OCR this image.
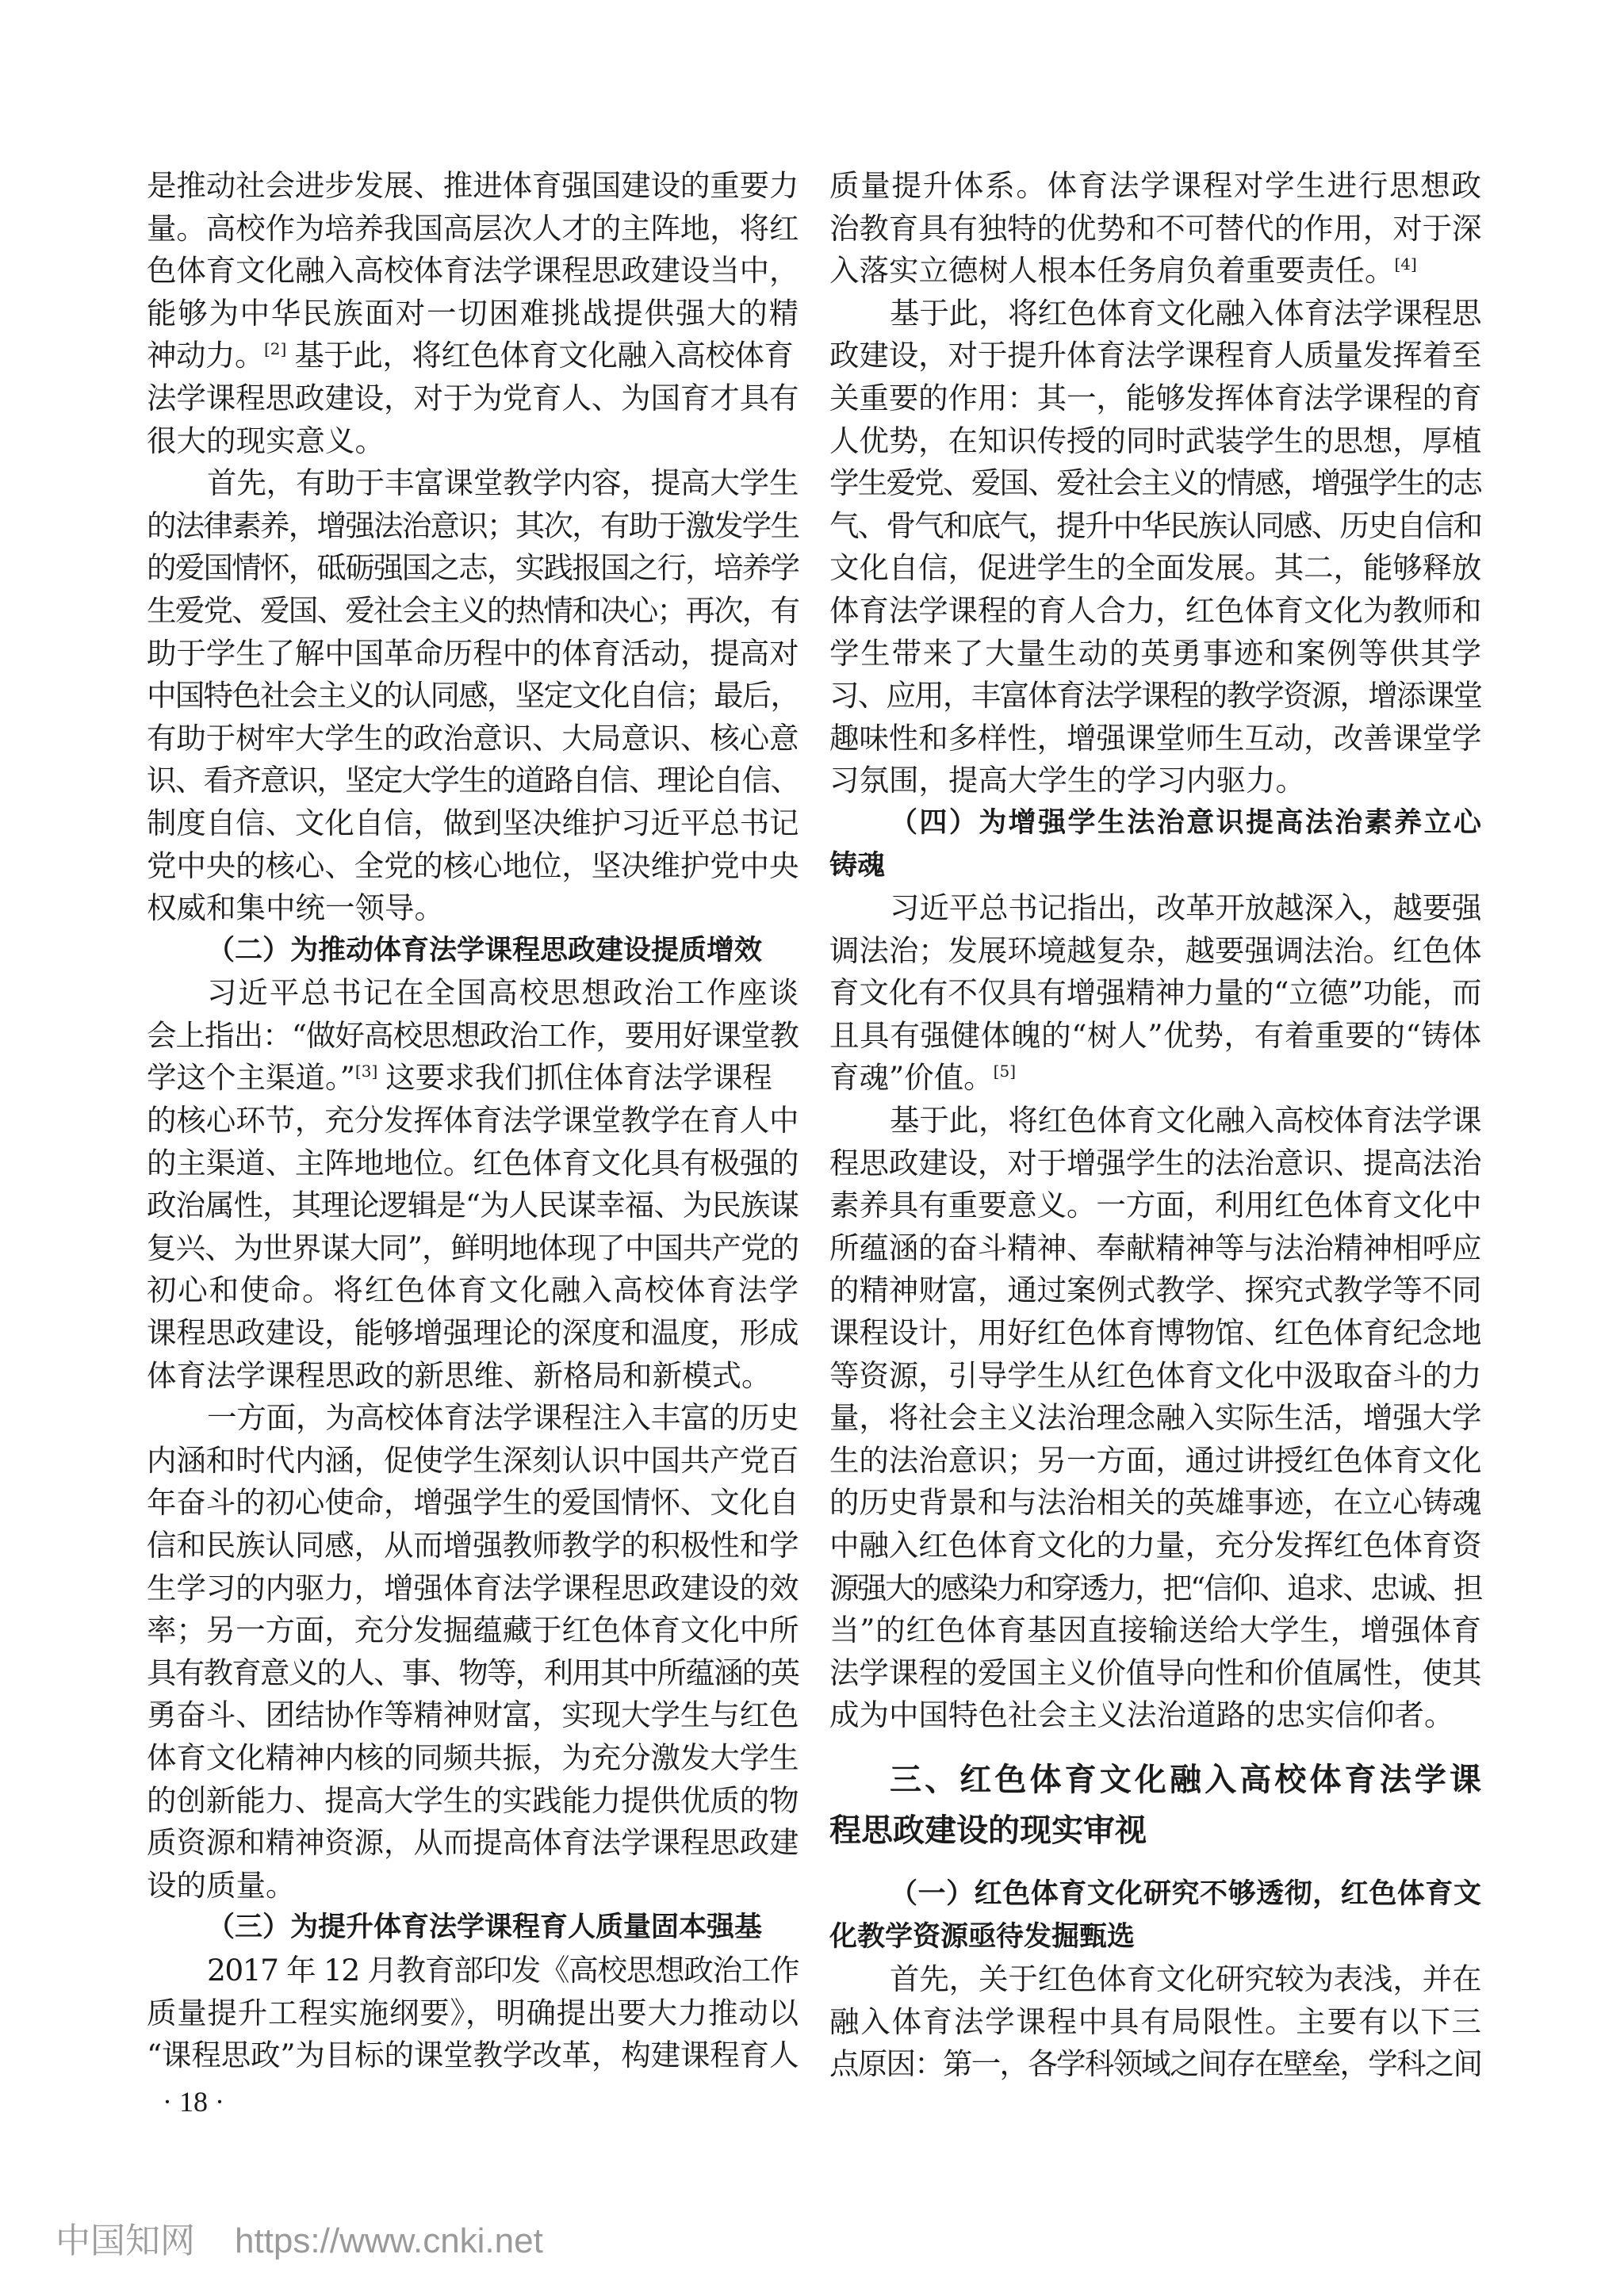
是推动社会进步发展、推进体育强国建设的重要力
量。高校作为培养我国高层次人才的主阵地，将红
色体育文化融入高校体育法学课程思政建设当中，
能够为中华民族面对一切困难挑战提供强大的精
神动力。[2] 基于此，将红色体育文化融入高校体育
法学课程思政建设，对于为党育人、为国育才具有
很大的现实意义。
首先，有助于丰富课堂教学内容，提高大学生
的法律素养，增强法治意识；其次，有助于激发学生
的爱国情怀，砥砺强国之志，实践报国之行，培养学
生爱党、爱国、爱社会主义的热情和决心；再次，有
助于学生了解中国革命历程中的体育活动，提高对
中国特色社会主义的认同感，坚定文化自信；最后，
有助于树牢大学生的政治意识、大局意识、核心意
识、看齐意识，坚定大学生的道路自信、理论自信、
制度自信、文化自信，做到坚决维护习近平总书记
党中央的核心、全党的核心地位，坚决维护党中央
权威和集中统一领导。
（二）为推动体育法学课程思政建设提质增效
习近平总书记在全国高校思想政治工作座谈
会上指出：“做好高校思想政治工作，要用好课堂教
学这个主渠道。”[3] 这要求我们抓住体育法学课程
的核心环节，充分发挥体育法学课堂教学在育人中
的主渠道、主阵地地位。红色体育文化具有极强的
政治属性，其理论逻辑是“为人民谋幸福、为民族谋
复兴、为世界谋大同”，鲜明地体现了中国共产党的
初心和使命。将红色体育文化融入高校体育法学
课程思政建设，能够增强理论的深度和温度，形成
体育法学课程思政的新思维、新格局和新模式。
一方面，为高校体育法学课程注入丰富的历史
内涵和时代内涵，促使学生深刻认识中国共产党百
年奋斗的初心使命，增强学生的爱国情怀、文化自
信和民族认同感，从而增强教师教学的积极性和学
生学习的内驱力，增强体育法学课程思政建设的效
率；另一方面，充分发掘蕴藏于红色体育文化中所
具有教育意义的人、事、物等，利用其中所蕴涵的英
勇奋斗、团结协作等精神财富，实现大学生与红色
体育文化精神内核的同频共振，为充分激发大学生
的创新能力、提高大学生的实践能力提供优质的物
质资源和精神资源，从而提高体育法学课程思政建
设的质量。
（三）为提升体育法学课程育人质量固本强基
2017 年 12 月教育部印发《高校思想政治工作
质量提升工程实施纲要》，明确提出要大力推动以
“课程思政”为目标的课堂教学改革，构建课程育人
质量提升体系。体育法学课程对学生进行思想政
治教育具有独特的优势和不可替代的作用，对于深
入落实立德树人根本任务肩负着重要责任。[4]
基于此，将红色体育文化融入体育法学课程思
政建设，对于提升体育法学课程育人质量发挥着至
关重要的作用：其一，能够发挥体育法学课程的育
人优势，在知识传授的同时武装学生的思想，厚植
学生爱党、爱国、爱社会主义的情感，增强学生的志
气、骨气和底气，提升中华民族认同感、历史自信和
文化自信，促进学生的全面发展。其二，能够释放
体育法学课程的育人合力，红色体育文化为教师和
学生带来了大量生动的英勇事迹和案例等供其学
习、应用，丰富体育法学课程的教学资源，增添课堂
趣味性和多样性，增强课堂师生互动，改善课堂学
习氛围，提高大学生的学习内驱力。
（四）为增强学生法治意识提高法治素养立心
铸魂
习近平总书记指出，改革开放越深入，越要强
调法治；发展环境越复杂，越要强调法治。红色体
育文化有不仅具有增强精神力量的“立德”功能，而
且具有强健体魄的“树人”优势，有着重要的“铸体
育魂”价值。[5]
基于此，将红色体育文化融入高校体育法学课
程思政建设，对于增强学生的法治意识、提高法治
素养具有重要意义。一方面，利用红色体育文化中
所蕴涵的奋斗精神、奉献精神等与法治精神相呼应
的精神财富，通过案例式教学、探究式教学等不同
课程设计，用好红色体育博物馆、红色体育纪念地
等资源，引导学生从红色体育文化中汲取奋斗的力
量，将社会主义法治理念融入实际生活，增强大学
生的法治意识；另一方面，通过讲授红色体育文化
的历史背景和与法治相关的英雄事迹，在立心铸魂
中融入红色体育文化的力量，充分发挥红色体育资
源强大的感染力和穿透力，把“信仰、追求、忠诚、担
当”的红色体育基因直接输送给大学生，增强体育
法学课程的爱国主义价值导向性和价值属性，使其
成为中国特色社会主义法治道路的忠实信仰者。
三、红色体育文化融入高校体育法学课
程思政建设的现实审视
（一）红色体育文化研究不够透彻，红色体育文
化教学资源亟待发掘甄选
首先，关于红色体育文化研究较为表浅，并在
融入体育法学课程中具有局限性。主要有以下三
点原因：第一，各学科领域之间存在壁垒，学科之间
· 18 ·
中国知网 https://www.cnki.net
